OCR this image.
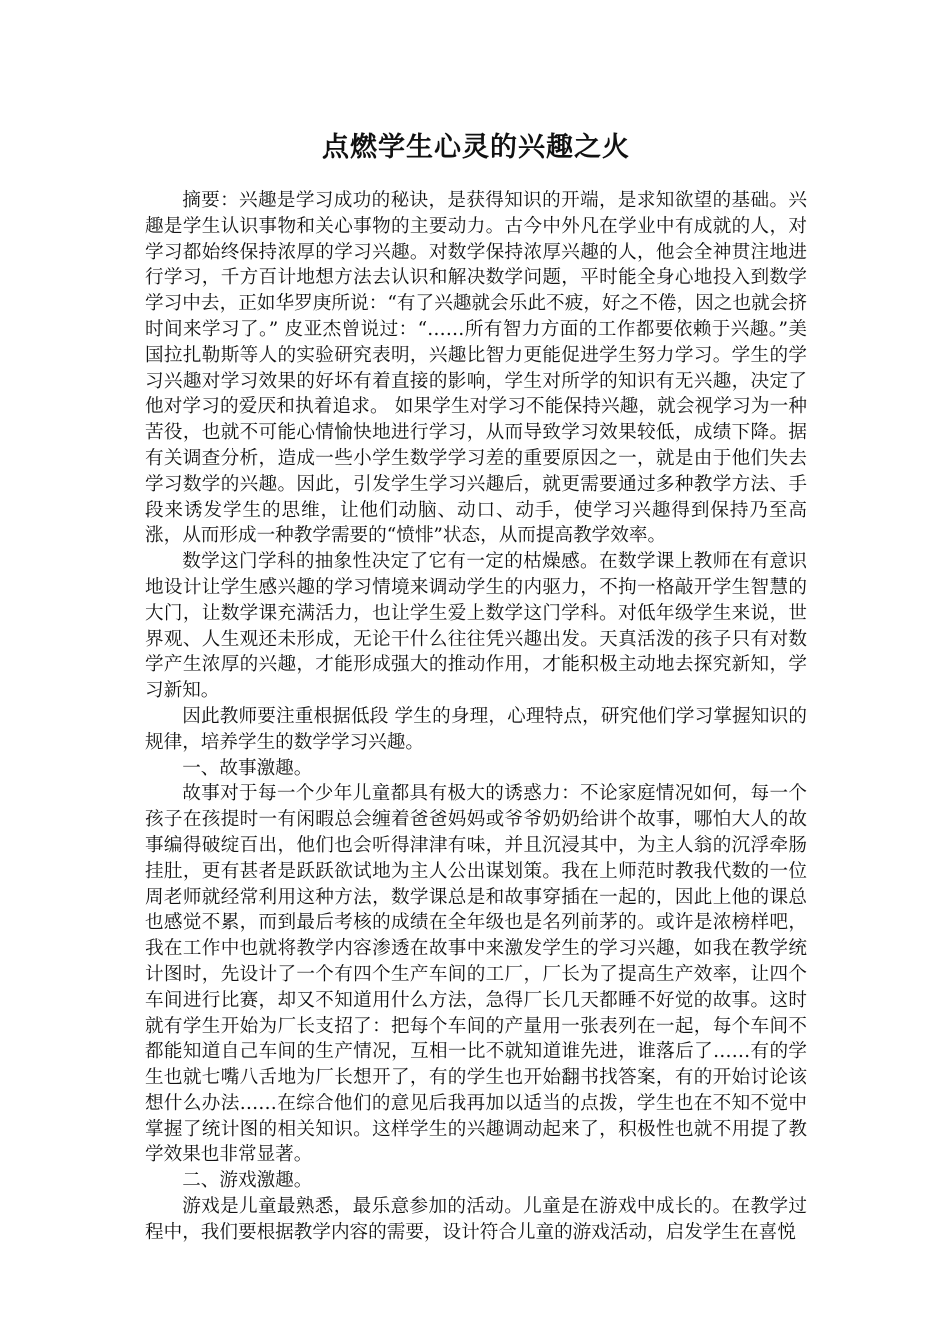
点燃学生心灵的兴趣之火

摘要：兴趣是学习成功的秘诀，是获得知识的开端，是求知欲望的基础。兴趣是学生认识事物和关心事物的主要动力。古今中外凡在学业中有成就的人，对学习都始终保持浓厚的学习兴趣。对数学保持浓厚兴趣的人，他会全神贯注地进行学习，千方百计地想方法去认识和解决数学问题，平时能全身心地投入到数学学习中去，正如华罗庚所说：“有了兴趣就会乐此不疲，好之不倦，因之也就会挤时间来学习了。” 皮亚杰曾说过：“……所有智力方面的工作都要依赖于兴趣。”美国拉扎勒斯等人的实验研究表明，兴趣比智力更能促进学生努力学习。学生的学习兴趣对学习效果的好坏有着直接的影响，学生对所学的知识有无兴趣，决定了他对学习的爱厌和执着追求。 如果学生对学习不能保持兴趣，就会视学习为一种苦役，也就不可能心情愉快地进行学习，从而导致学习效果较低，成绩下降。据有关调查分析，造成一些小学生数学学习差的重要原因之一，就是由于他们失去学习数学的兴趣。因此，引发学生学习兴趣后，就更需要通过多种教学方法、手段来诱发学生的思维，让他们动脑、动口、动手，使学习兴趣得到保持乃至高涨，从而形成一种教学需要的“愤悱”状态，从而提高教学效率。

数学这门学科的抽象性决定了它有一定的枯燥感。在数学课上教师在有意识地设计让学生感兴趣的学习情境来调动学生的内驱力，不拘一格敲开学生智慧的大门，让数学课充满活力，也让学生爱上数学这门学科。对低年级学生来说，世界观、人生观还未形成，无论干什么往往凭兴趣出发。天真活泼的孩子只有对数学产生浓厚的兴趣，才能形成强大的推动作用，才能积极主动地去探究新知，学习新知。

因此教师要注重根据低段 学生的身理，心理特点，研究他们学习掌握知识的规律，培养学生的数学学习兴趣。

一、故事激趣。

故事对于每一个少年儿童都具有极大的诱惑力：不论家庭情况如何，每一个孩子在孩提时一有闲暇总会缠着爸爸妈妈或爷爷奶奶给讲个故事，哪怕大人的故事编得破绽百出，他们也会听得津津有味，并且沉浸其中，为主人翁的沉浮牵肠挂肚，更有甚者是跃跃欲试地为主人公出谋划策。我在上师范时教我代数的一位周老师就经常利用这种方法，数学课总是和故事穿插在一起的，因此上他的课总也感觉不累，而到最后考核的成绩在全年级也是名列前茅的。或许是浓榜样吧，我在工作中也就将教学内容渗透在故事中来激发学生的学习兴趣，如我在教学统计图时，先设计了一个有四个生产车间的工厂，厂长为了提高生产效率，让四个车间进行比赛，却又不知道用什么方法，急得厂长几天都睡不好觉的故事。这时就有学生开始为厂长支招了：把每个车间的产量用一张表列在一起，每个车间不都能知道自己车间的生产情况，互相一比不就知道谁先进，谁落后了……有的学生也就七嘴八舌地为厂长想开了，有的学生也开始翻书找答案，有的开始讨论该想什么办法……在综合他们的意见后我再加以适当的点拨，学生也在不知不觉中掌握了统计图的相关知识。这样学生的兴趣调动起来了，积极性也就不用提了教学效果也非常显著。

二、游戏激趣。

游戏是儿童最熟悉，最乐意参加的活动。儿童是在游戏中成长的。在教学过程中，我们要根据教学内容的需要，设计符合儿童的游戏活动，启发学生在喜悦
